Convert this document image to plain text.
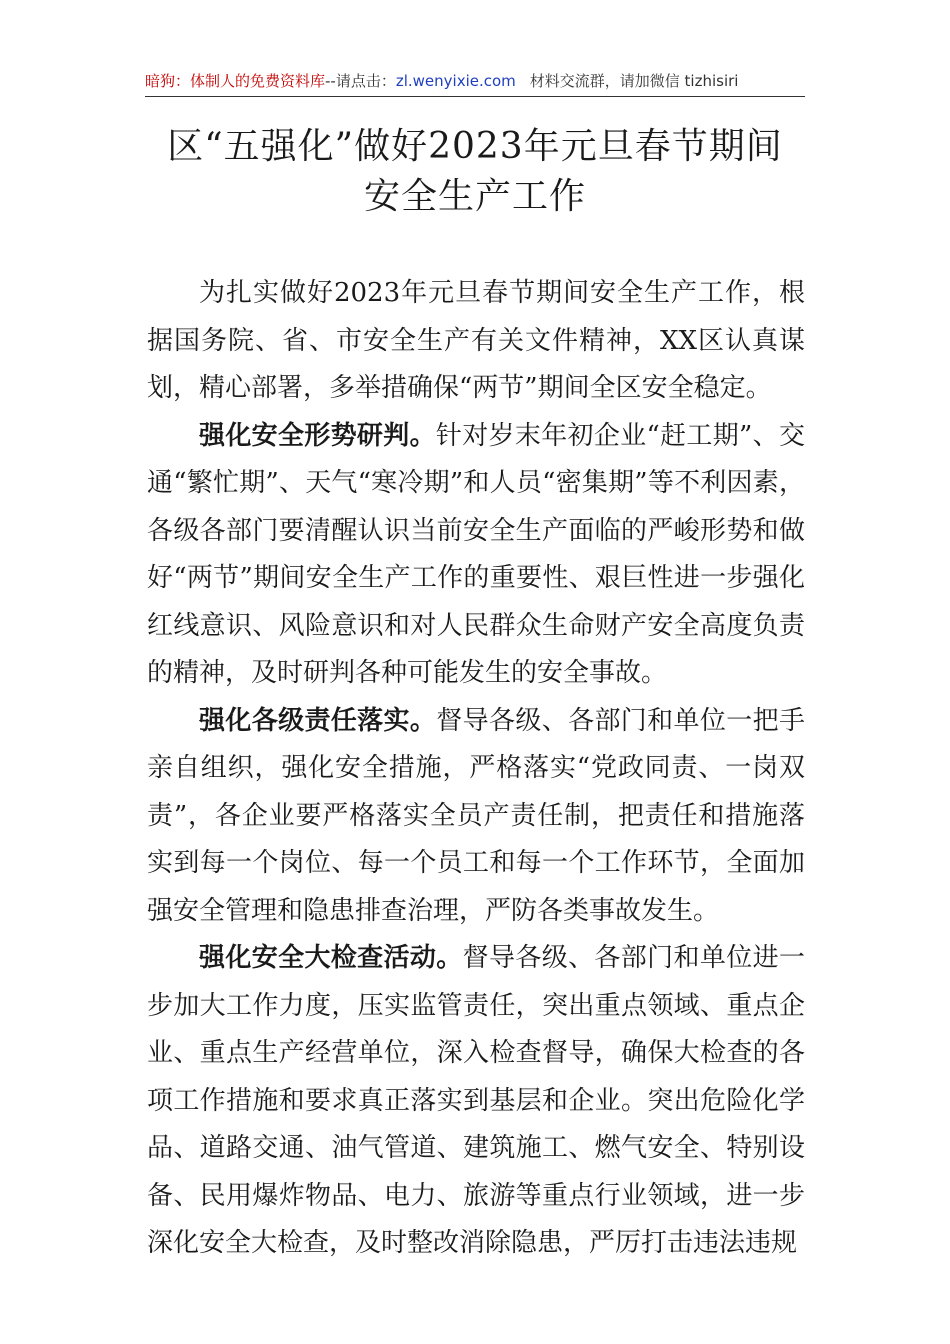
暗狗：体制人的免费资料库--请点击：zl.wenyixie.com 材料交流群，请加微信 tizhisiri
区“五强化”做好2023年元旦春节期间
安全生产工作

为扎实做好2023年元旦春节期间安全生产工作，根据国务院、省、市安全生产有关文件精神，XX区认真谋划，精心部署，多举措确保“两节”期间全区安全稳定。

强化安全形势研判。针对岁末年初企业“赶工期”、交通“繁忙期”、天气“寒冷期”和人员“密集期”等不利因素，各级各部门要清醒认识当前安全生产面临的严峻形势和做好“两节”期间安全生产工作的重要性、艰巨性进一步强化红线意识、风险意识和对人民群众生命财产安全高度负责的精神，及时研判各种可能发生的安全事故。

强化各级责任落实。督导各级、各部门和单位一把手亲自组织，强化安全措施，严格落实“党政同责、一岗双责”，各企业要严格落实全员产责任制，把责任和措施落实到每一个岗位、每一个员工和每一个工作环节，全面加强安全管理和隐患排查治理，严防各类事故发生。

强化安全大检查活动。督导各级、各部门和单位进一步加大工作力度，压实监管责任，突出重点领域、重点企业、重点生产经营单位，深入检查督导，确保大检查的各项工作措施和要求真正落实到基层和企业。突出危险化学品、道路交通、油气管道、建筑施工、燃气安全、特别设备、民用爆炸物品、电力、旅游等重点行业领域，进一步深化安全大检查，及时整改消除隐患，严厉打击违法违规
